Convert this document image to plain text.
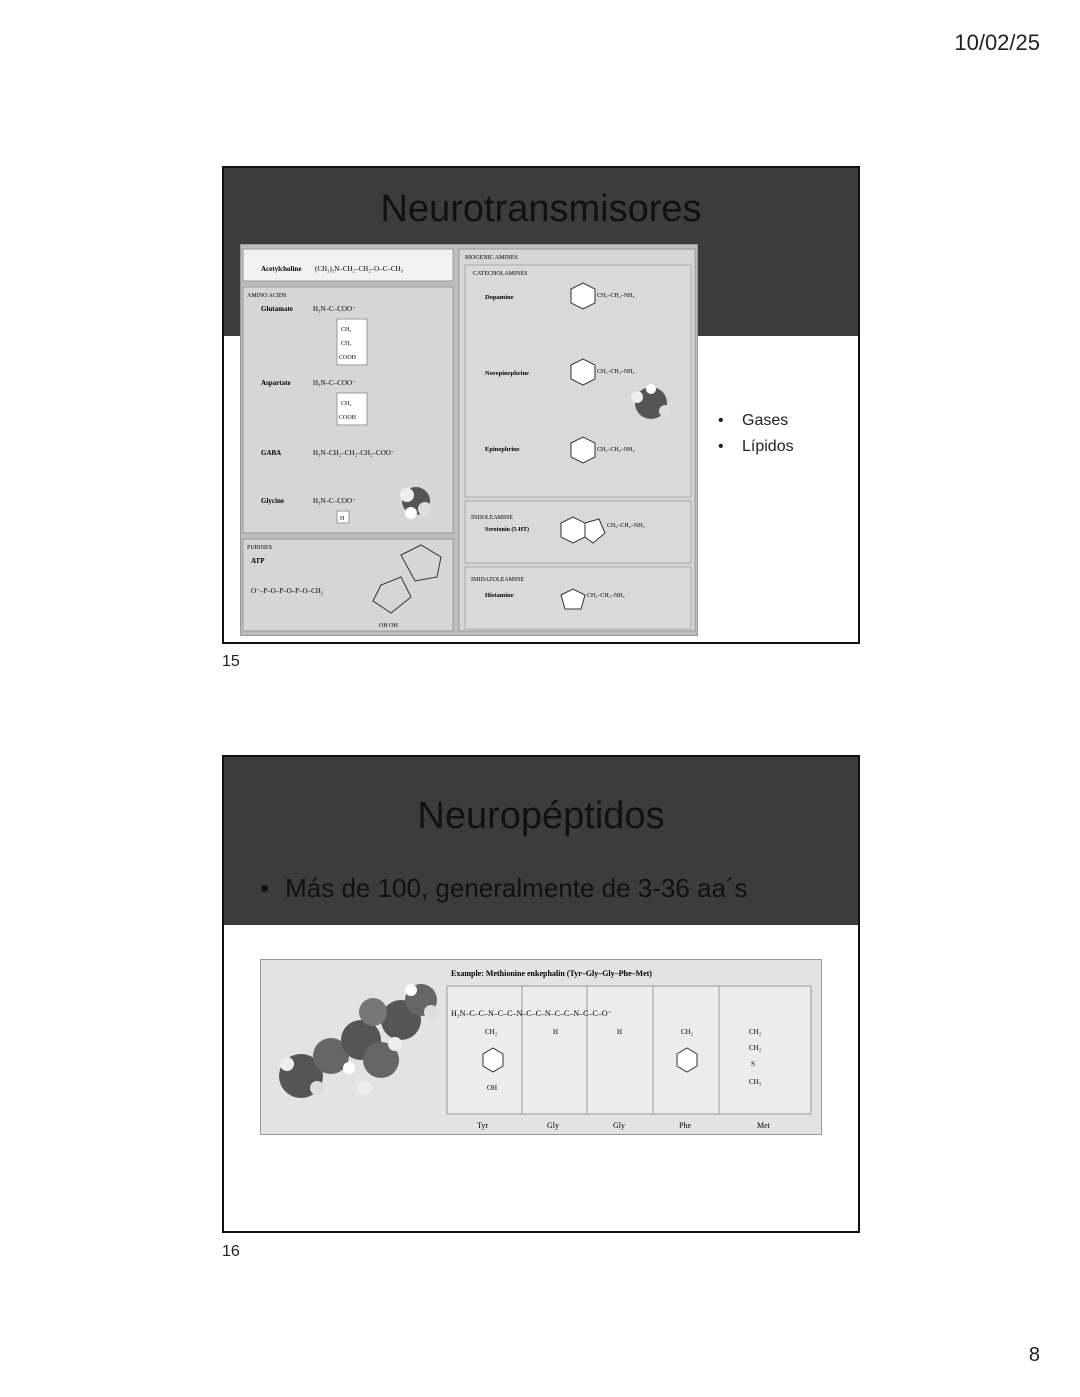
10/02/25
Neurotransmisores
Acetylcholine (CH₃)₃N–CH₂–CH₂–O–C–CH₃
AMINO ACIDS
Glutamate	H₃N–C–COO⁻
CH₂
CH₂
COOH
Aspartate	H₃N–C–COO⁻
CH₂
COOH
GABA	H₃N–CH₂–CH₂–CH₂–COO⁻
Glycine	H₃N–C–COO⁻
H
PURINES
ATP
O⁻–P–O–P–O–P–O–CH₂
OH OH
BIOGENIC AMINES
CATECHOLAMINES
Dopamine	CH₂–CH₂–NH₃
Norepinephrine	CH₂–CH₂–NH₃
Epinephrine	CH₂–CH₂–NH₂
INDOLEAMINE
Serotonin (5-HT)
CH₂–CH₂–NH₃
IMIDAZOLEAMINE
Histamine	CH₂–CH₂–NH₃
• Gases
• Lípidos
15
Neuropéptidos
• Más de 100, generalmente de 3-36 aa´s
Example: Methionine enkephalin (Tyr–Gly–Gly–Phe–Met)
H₃N–C–C–N–C–C–N–C–C–N–C–C–N–C–C–O⁻
CH₂
OH
H	H	CH₂	CH₂
CH₂
S
CH₃
Tyr	Gly	Gly	Phe	Met
16
8
